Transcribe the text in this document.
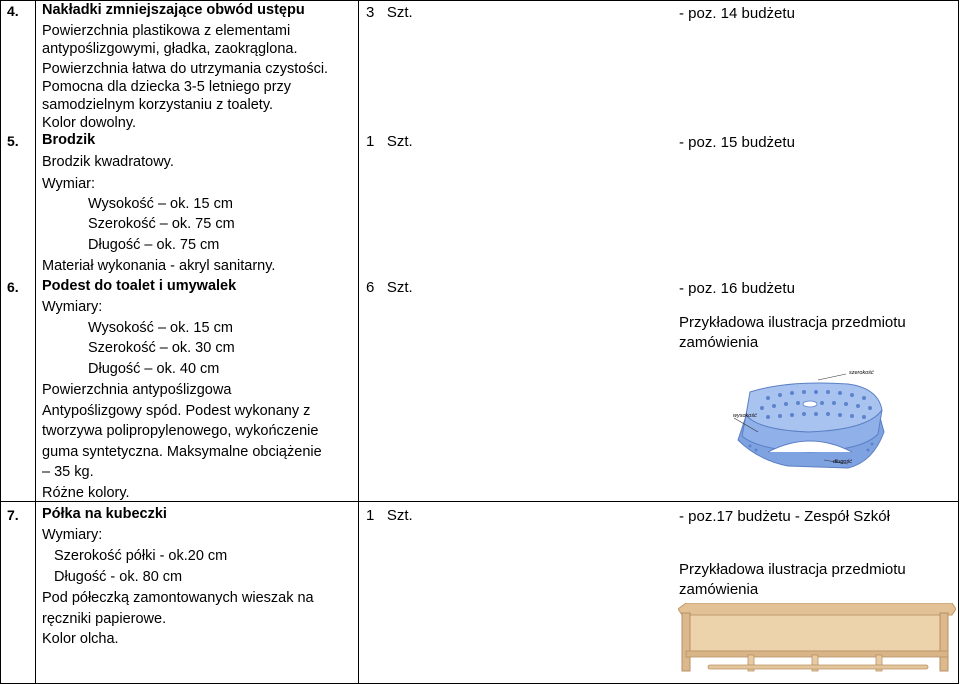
4. Nakładki zmniejszające obwód ustępu
Powierzchnia plastikowa z elementami
antypoślizgowymi, gładka, zaokrąglona.
Powierzchnia łatwa do utrzymania czystości.
Pomocna dla dziecka 3-5 letniego przy
samodzielnym korzystaniu z toalety.
Kolor dowolny.
3 Szt.	- poz. 14 budżetu
5. Brodzik
Brodzik kwadratowy.
Wymiar:
Wysokość – ok. 15 cm
Szerokość – ok. 75 cm
Długość – ok. 75 cm
Materiał wykonania - akryl sanitarny.
1 Szt.	- poz. 15 budżetu
6. Podest do toalet i umywalek
Wymiary:
Wysokość – ok. 15 cm
Szerokość – ok. 30 cm
Długość – ok. 40 cm
Powierzchnia antypoślizgowa
Antypoślizgowy spód. Podest wykonany z
tworzywa polipropylenowego, wykończenie
guma syntetyczna. Maksymalne obciążenie
– 35 kg.
Różne kolory.
6 Szt.	- poz. 16 budżetu
Przykładowa ilustracja przedmiotu
zamówienia
szerokość
wysokość
długość
7. Półka na kubeczki
Wymiary:
Szerokość półki - ok.20 cm
Długość - ok. 80 cm
Pod półeczką zamontowanych wieszak na
ręczniki papierowe.
Kolor olcha.
1 Szt.	- poz.17 budżetu - Zespół Szkół
Przykładowa ilustracja przedmiotu
zamówienia
